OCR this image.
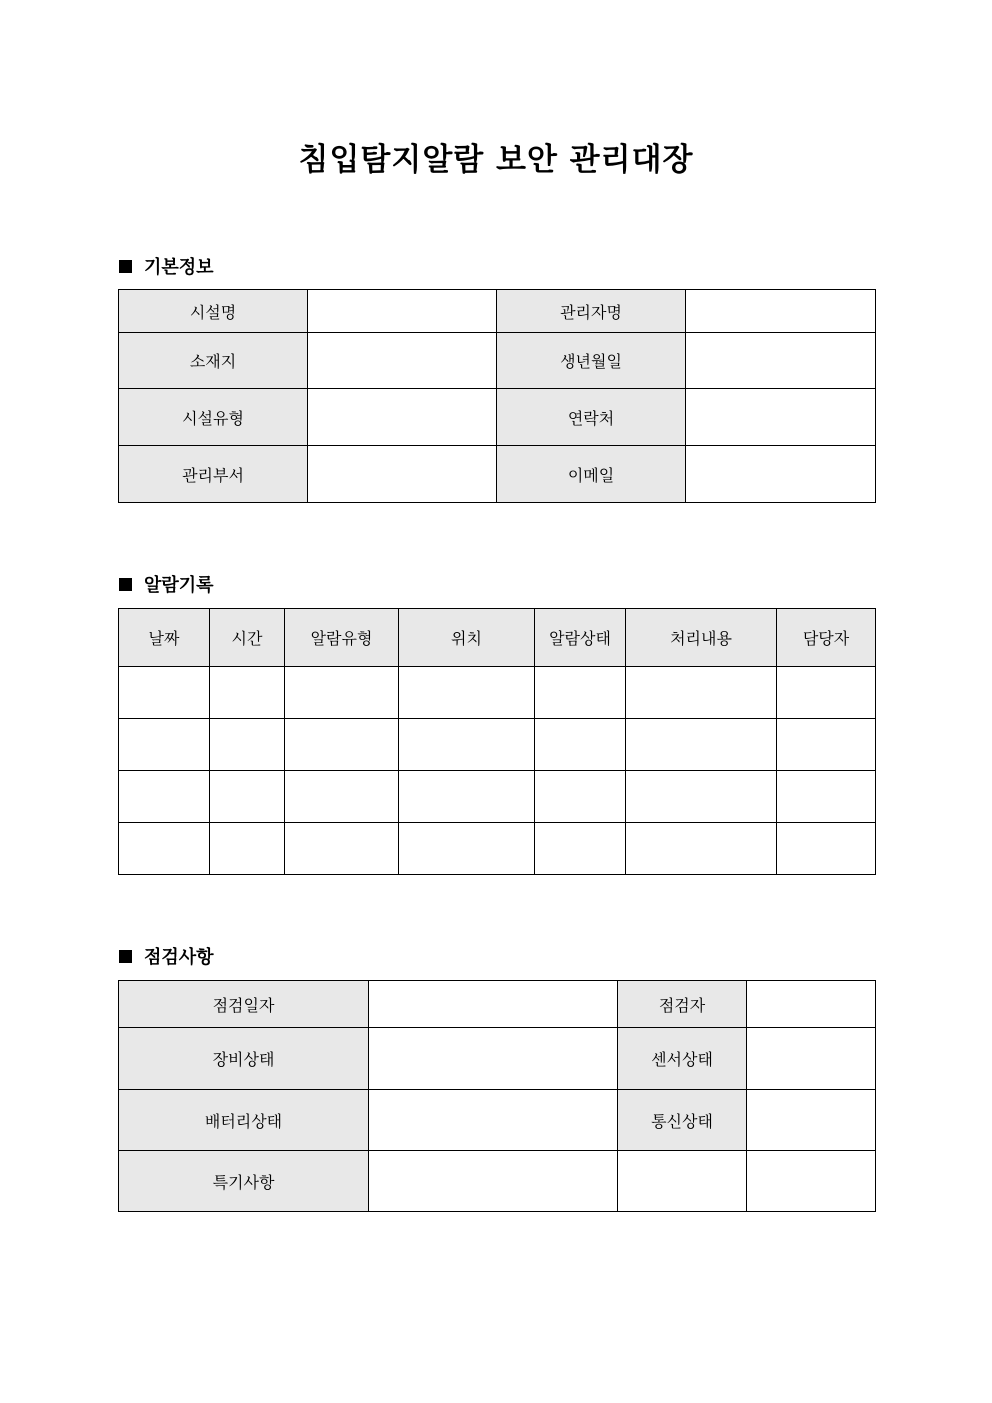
침입탐지알람 보안 관리대장
기본정보
시설명		관리자명	
소재지		생년월일	
시설유형		연락처	
관리부서		이메일	
알람기록
날짜	시간	알람유형	위치	알람상태	처리내용	담당자

점검사항
점검일자		점검자	
장비상태		센서상태	
배터리상태		통신상태	
특기사항			
